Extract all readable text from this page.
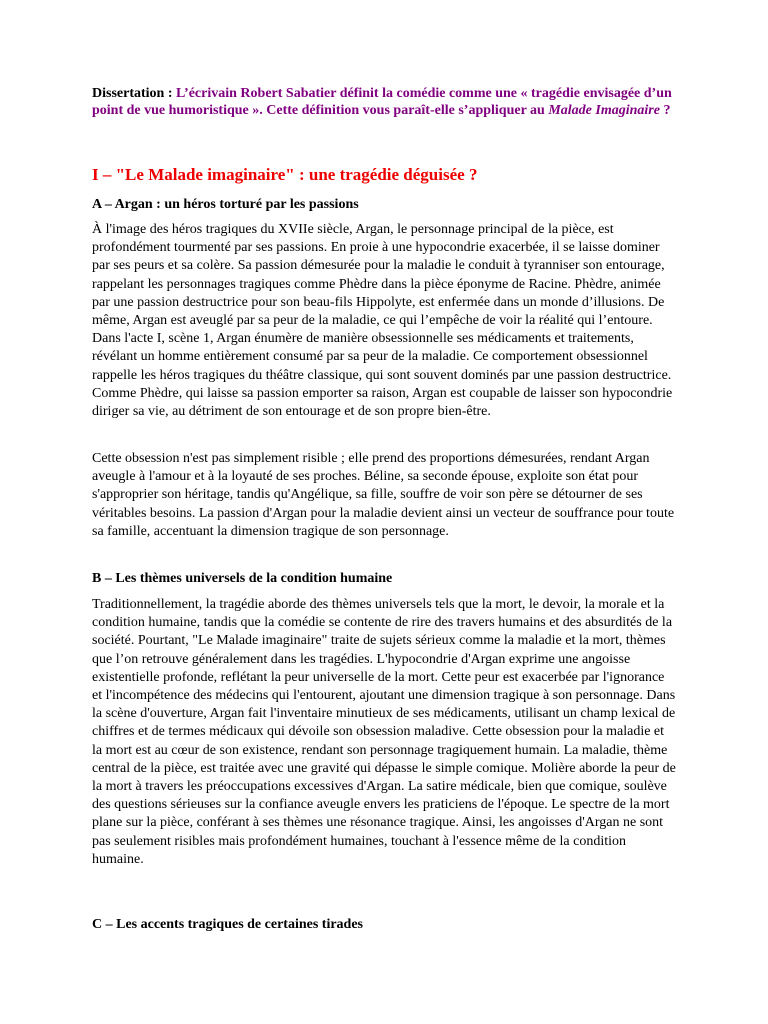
Dissertation : L’écrivain Robert Sabatier définit la comédie comme une « tragédie envisagée d’un point de vue humoristique ». Cette définition vous paraît-elle s’appliquer au Malade Imaginaire ?

I – "Le Malade imaginaire" : une tragédie déguisée ?
A – Argan : un héros torturé par les passions

À l'image des héros tragiques du XVIIe siècle, Argan, le personnage principal de la pièce, est profondément tourmenté par ses passions. En proie à une hypocondrie exacerbée, il se laisse dominer par ses peurs et sa colère. Sa passion démesurée pour la maladie le conduit à tyranniser son entourage, rappelant les personnages tragiques comme Phèdre dans la pièce éponyme de Racine. Phèdre, animée par une passion destructrice pour son beau-fils Hippolyte, est enfermée dans un monde d’illusions. De même, Argan est aveuglé par sa peur de la maladie, ce qui l’empêche de voir la réalité qui l’entoure. Dans l'acte I, scène 1, Argan énumère de manière obsessionnelle ses médicaments et traitements, révélant un homme entièrement consumé par sa peur de la maladie. Ce comportement obsessionnel rappelle les héros tragiques du théâtre classique, qui sont souvent dominés par une passion destructrice. Comme Phèdre, qui laisse sa passion emporter sa raison, Argan est coupable de laisser son hypocondrie diriger sa vie, au détriment de son entourage et de son propre bien-être.

Cette obsession n'est pas simplement risible ; elle prend des proportions démesurées, rendant Argan aveugle à l'amour et à la loyauté de ses proches. Béline, sa seconde épouse, exploite son état pour s'approprier son héritage, tandis qu'Angélique, sa fille, souffre de voir son père se détourner de ses véritables besoins. La passion d'Argan pour la maladie devient ainsi un vecteur de souffrance pour toute sa famille, accentuant la dimension tragique de son personnage.

B – Les thèmes universels de la condition humaine

Traditionnellement, la tragédie aborde des thèmes universels tels que la mort, le devoir, la morale et la condition humaine, tandis que la comédie se contente de rire des travers humains et des absurdités de la société. Pourtant, "Le Malade imaginaire" traite de sujets sérieux comme la maladie et la mort, thèmes que l’on retrouve généralement dans les tragédies. L'hypocondrie d'Argan exprime une angoisse existentielle profonde, reflétant la peur universelle de la mort. Cette peur est exacerbée par l'ignorance et l'incompétence des médecins qui l'entourent, ajoutant une dimension tragique à son personnage. Dans la scène d'ouverture, Argan fait l'inventaire minutieux de ses médicaments, utilisant un champ lexical de chiffres et de termes médicaux qui dévoile son obsession maladive. Cette obsession pour la maladie et la mort est au cœur de son existence, rendant son personnage tragiquement humain. La maladie, thème central de la pièce, est traitée avec une gravité qui dépasse le simple comique. Molière aborde la peur de la mort à travers les préoccupations excessives d'Argan. La satire médicale, bien que comique, soulève des questions sérieuses sur la confiance aveugle envers les praticiens de l'époque. Le spectre de la mort plane sur la pièce, conférant à ses thèmes une résonance tragique. Ainsi, les angoisses d'Argan ne sont pas seulement risibles mais profondément humaines, touchant à l'essence même de la condition humaine.

C – Les accents tragiques de certaines tirades
